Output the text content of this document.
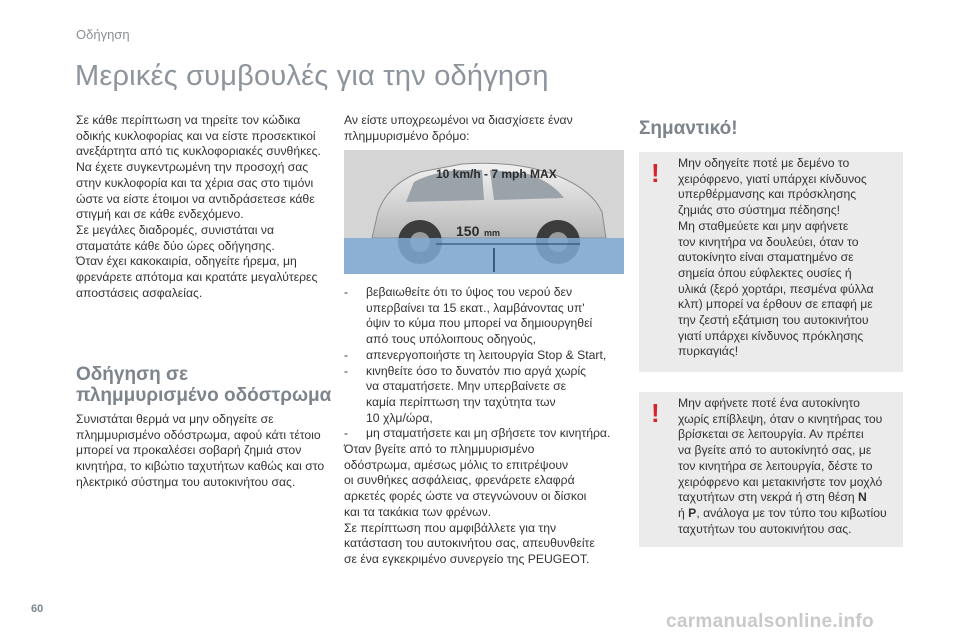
Οδήγηση
Μερικές συμβουλές για την οδήγηση

Σε κάθε περίπτωση να τηρείτε τον κώδικα

οδικής κυκλοφορίας και να είστε προσεκτικοί

ανεξάρτητα από τις κυκλοφοριακές συνθήκες.

Να έχετε συγκεντρωμένη την προσοχή σας

στην κυκλοφορία και τα χέρια σας στο τιμόνι

ώστε να είστε έτοιμοι να αντιδράσετεσε κάθε

στιγμή και σε κάθε ενδεχόμενο.

Σε μεγάλες διαδρομές, συνιστάται να

σταματάτε κάθε δύο ώρες οδήγησης.

Όταν έχει κακοκαιρία, οδηγείτε ήρεμα, μη

φρενάρετε απότομα και κρατάτε μεγαλύτερες

αποστάσεις ασφαλείας.

Οδήγηση σε
πλημμυρισμένο οδόστρωμα

Συνιστάται θερμά να μην οδηγείτε σε

πλημμυρισμένο οδόστρωμα, αφού κάτι τέτοιο

μπορεί να προκαλέσει σοβαρή ζημιά στον

κινητήρα, το κιβώτιο ταχυτήτων καθώς και στο

ηλεκτρικό σύστημα του αυτοκινήτου σας.

Αν είστε υποχρεωμένοι να διασχίσετε έναν

πλημμυρισμένο δρόμο:

10 km/h - 7 mph MAX
150 mm
-	βεβαιωθείτε ότι το ύψος του νερού δεν

υπερβαίνει τα 15 εκατ., λαμβάνοντας υπ'

όψιν το κύμα που μπορεί να δημιουργηθεί

από τους υπόλοιπους οδηγούς,

-	απενεργοποιήστε τη λειτουργία Stop & Start,

-	κινηθείτε όσο το δυνατόν πιο αργά χωρίς

να σταματήσετε. Μην υπερβαίνετε σε

καμία περίπτωση την ταχύτητα των

10 χλμ/ώρα,

-	μη σταματήσετε και μη σβήσετε τον κινητήρα.

Όταν βγείτε από το πλημμυρισμένο

οδόστρωμα, αμέσως μόλις το επιτρέψουν

οι συνθήκες ασφάλειας, φρενάρετε ελαφρά

αρκετές φορές ώστε να στεγνώνουν οι δίσκοι

και τα τακάκια των φρένων.

Σε περίπτωση που αμφιβάλλετε για την

κατάσταση του αυτοκινήτου σας, απευθυνθείτε

σε ένα εγκεκριμένο συνεργείο της PEUGEOT.

Σημαντικό!
! Μην οδηγείτε ποτέ με δεμένο το

χειρόφρενο, γιατί υπάρχει κίνδυνος

υπερθέρμανσης και πρόσκλησης

ζημιάς στο σύστημα πέδησης!

Μη σταθμεύετε και μην αφήνετε

τον κινητήρα να δουλεύει, όταν το

αυτοκίνητο είναι σταματημένο σε

σημεία όπου εύφλεκτες ουσίες ή

υλικά (ξερό χορτάρι, πεσμένα φύλλα

κλπ) μπορεί να έρθουν σε επαφή με

την ζεστή εξάτμιση του αυτοκινήτου

γιατί υπάρχει κίνδυνος πρόκλησης

πυρκαγιάς!

! Μην αφήνετε ποτέ ένα αυτοκίνητο

χωρίς επίβλεψη, όταν ο κινητήρας του

βρίσκεται σε λειτουργία. Αν πρέπει

να βγείτε από το αυτοκίνητό σας, με

τον κινητήρα σε λειτουργία, δέστε το

χειρόφρενο και μετακινήστε τον μοχλό

ταχυτήτων στη νεκρά ή στη θέση N

ή P, ανάλογα με τον τύπο του κιβωτίου

ταχυτήτων του αυτοκινήτου σας.

60
carmanualsonline.info
